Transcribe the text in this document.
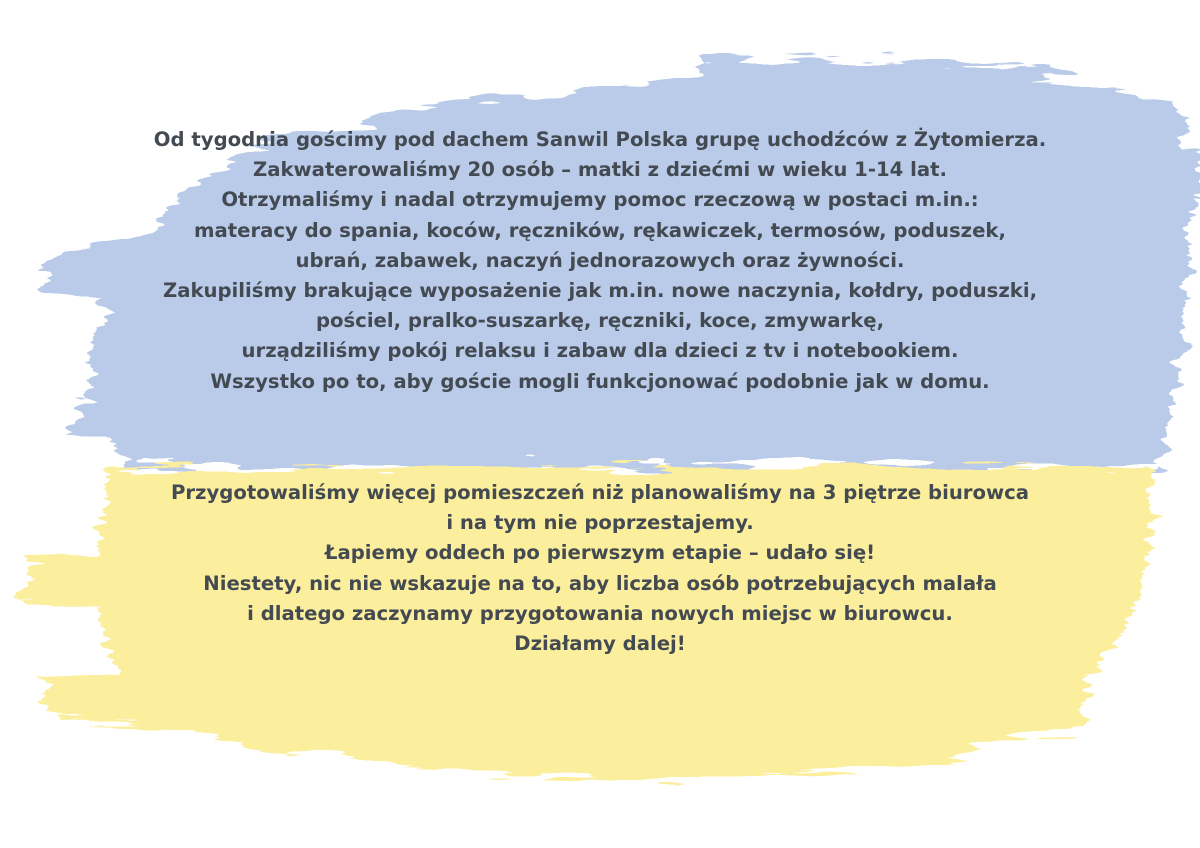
Od tygodnia gościmy pod dachem Sanwil Polska grupę uchodźców z Żytomierza.
Zakwaterowaliśmy 20 osób – matki z dziećmi w wieku 1-14 lat.
Otrzymaliśmy i nadal otrzymujemy pomoc rzeczową w postaci m.in.:
materacy do spania, koców, ręczników, rękawiczek, termosów, poduszek,
ubrań, zabawek, naczyń jednorazowych oraz żywności.
Zakupiliśmy brakujące wyposażenie jak m.in. nowe naczynia, kołdry, poduszki,
pościel, pralko-suszarkę, ręczniki, koce, zmywarkę,
urządziliśmy pokój relaksu i zabaw dla dzieci z tv i notebookiem.
Wszystko po to, aby goście mogli funkcjonować podobnie jak w domu.
Przygotowaliśmy więcej pomieszczeń niż planowaliśmy na 3 piętrze biurowca
i na tym nie poprzestajemy.
Łapiemy oddech po pierwszym etapie – udało się!
Niestety, nic nie wskazuje na to, aby liczba osób potrzebujących malała
i dlatego zaczynamy przygotowania nowych miejsc w biurowcu.
Działamy dalej!
